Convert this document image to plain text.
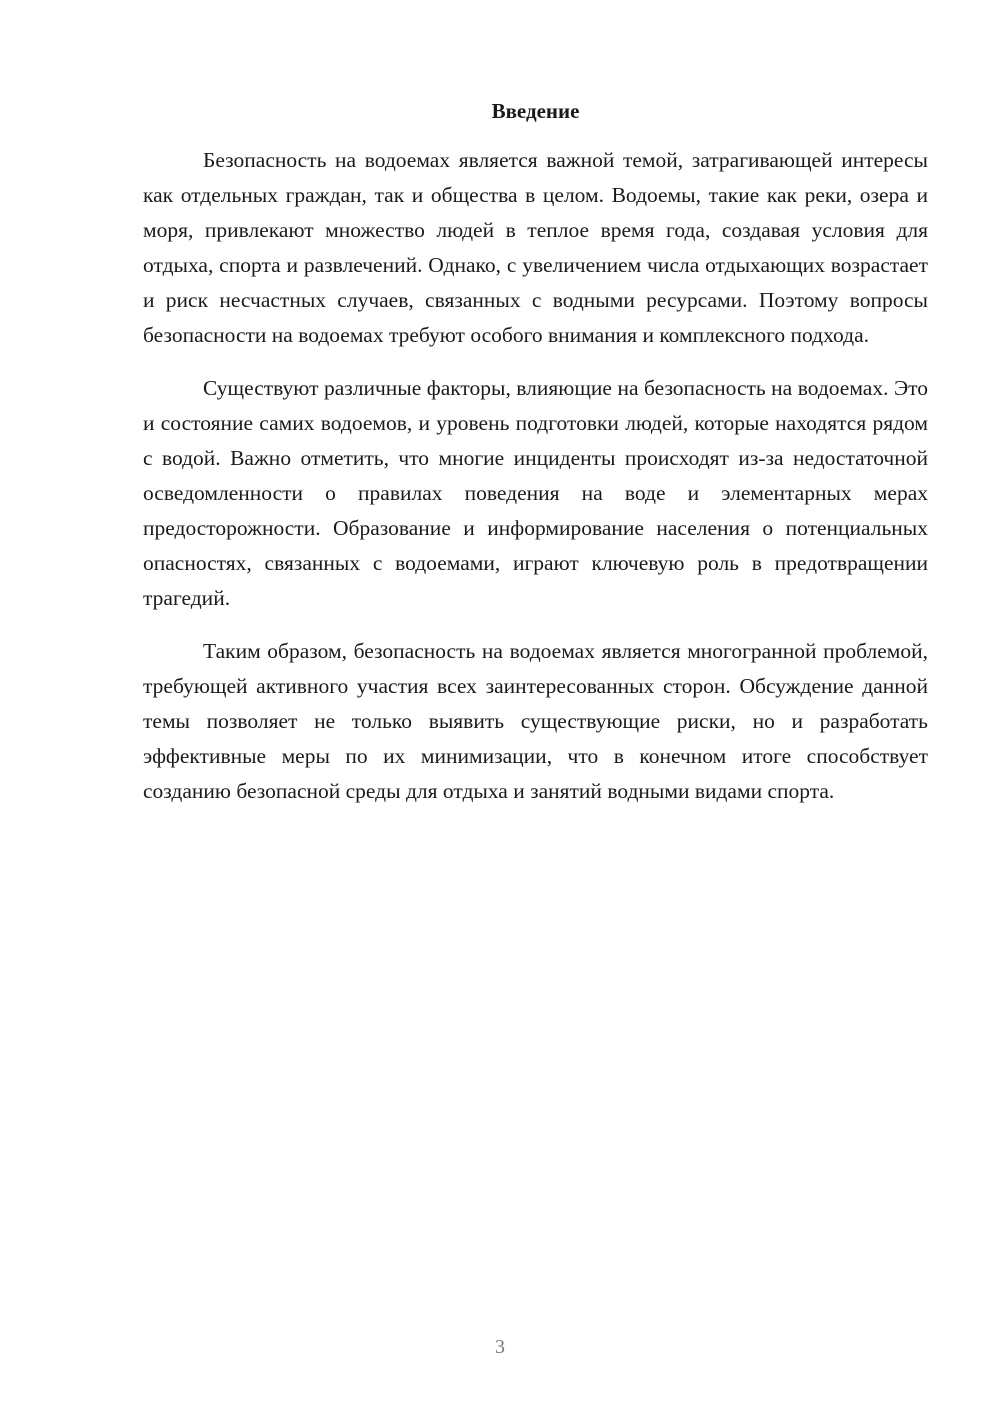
Введение

Безопасность на водоемах является важной темой, затрагивающей интересы как отдельных граждан, так и общества в целом. Водоемы, такие как реки, озера и моря, привлекают множество людей в теплое время года, создавая условия для отдыха, спорта и развлечений. Однако, с увеличением числа отдыхающих возрастает и риск несчастных случаев, связанных с водными ресурсами. Поэтому вопросы безопасности на водоемах требуют особого внимания и комплексного подхода.

Существуют различные факторы, влияющие на безопасность на водоемах. Это и состояние самих водоемов, и уровень подготовки людей, которые находятся рядом с водой. Важно отметить, что многие инциденты происходят из-за недостаточной осведомленности о правилах поведения на воде и элементарных мерах предосторожности. Образование и информирование населения о потенциальных опасностях, связанных с водоемами, играют ключевую роль в предотвращении трагедий.

Таким образом, безопасность на водоемах является многогранной проблемой, требующей активного участия всех заинтересованных сторон. Обсуждение данной темы позволяет не только выявить существующие риски, но и разработать эффективные меры по их минимизации, что в конечном итоге способствует созданию безопасной среды для отдыха и занятий водными видами спорта.

3
